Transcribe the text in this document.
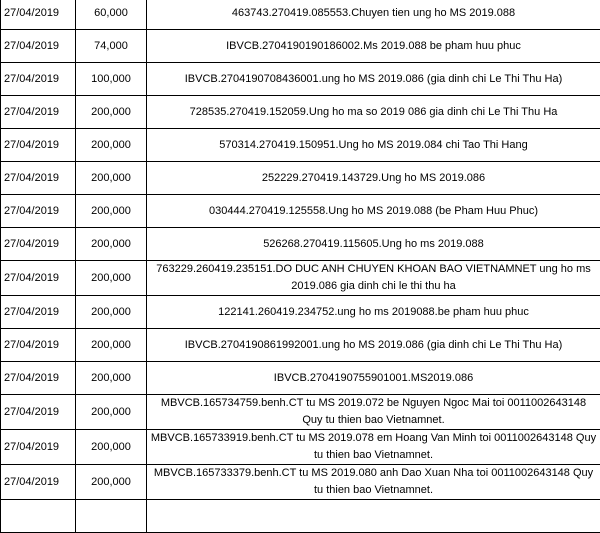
27/04/2019	60,000	463743.270419.085553.Chuyen tien ung ho MS 2019.088
27/04/2019	74,000	IBVCB.2704190190186002.Ms 2019.088 be pham huu phuc
27/04/2019	100,000	IBVCB.2704190708436001.ung ho MS 2019.086 (gia dinh chi Le Thi Thu Ha)
27/04/2019	200,000	728535.270419.152059.Ung ho ma so 2019 086 gia dinh chi Le Thi Thu Ha
27/04/2019	200,000	570314.270419.150951.Ung ho MS 2019.084 chi Tao Thi Hang
27/04/2019	200,000	252229.270419.143729.Ung ho MS 2019.086
27/04/2019	200,000	030444.270419.125558.Ung ho MS 2019.088 (be Pham Huu Phuc)
27/04/2019	200,000	526268.270419.115605.Ung ho ms 2019.088
27/04/2019	200,000	763229.260419.235151.DO DUC ANH CHUYEN KHOAN BAO VIETNAMNET ung ho ms 2019.086 gia dinh chi le thi thu ha
27/04/2019	200,000	122141.260419.234752.ung ho ms 2019088.be pham huu phuc
27/04/2019	200,000	IBVCB.2704190861992001.ung ho MS 2019.086 (gia dinh chi Le Thi Thu Ha)
27/04/2019	200,000	IBVCB.2704190755901001.MS2019.086
27/04/2019	200,000	MBVCB.165734759.benh.CT tu MS 2019.072 be Nguyen Ngoc Mai toi 0011002643148 Quy tu thien bao Vietnamnet.
27/04/2019	200,000	MBVCB.165733919.benh.CT tu MS 2019.078 em Hoang Van Minh toi 0011002643148 Quy tu thien bao Vietnamnet.
27/04/2019	200,000	MBVCB.165733379.benh.CT tu MS 2019.080 anh Dao Xuan Nha toi 0011002643148 Quy tu thien bao Vietnamnet.
